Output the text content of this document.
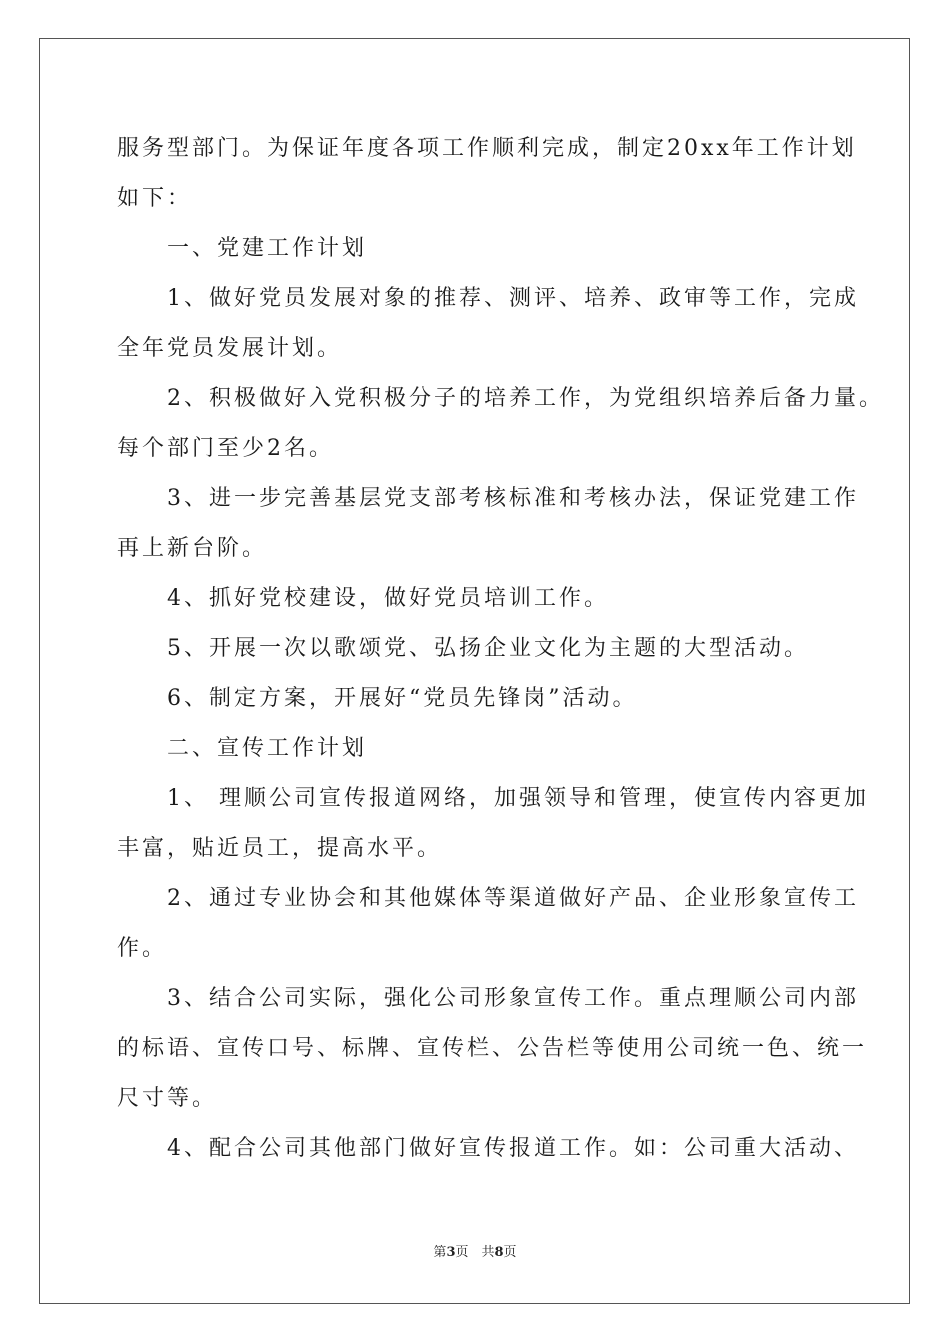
服务型部门。为保证年度各项工作顺利完成，制定20xx年工作计划
如下：
　　一、党建工作计划
　　1、做好党员发展对象的推荐、测评、培养、政审等工作，完成
全年党员发展计划。
　　2、积极做好入党积极分子的培养工作，为党组织培养后备力量。
每个部门至少2名。
　　3、进一步完善基层党支部考核标准和考核办法，保证党建工作
再上新台阶。
　　4、抓好党校建设，做好党员培训工作。
　　5、开展一次以歌颂党、弘扬企业文化为主题的大型活动。
　　6、制定方案，开展好“党员先锋岗”活动。
　　二、宣传工作计划
　　1、 理顺公司宣传报道网络，加强领导和管理，使宣传内容更加
丰富，贴近员工，提高水平。
　　2、通过专业协会和其他媒体等渠道做好产品、企业形象宣传工
作。
　　3、结合公司实际，强化公司形象宣传工作。重点理顺公司内部
的标语、宣传口号、标牌、宣传栏、公告栏等使用公司统一色、统一
尺寸等。
　　4、配合公司其他部门做好宣传报道工作。如：公司重大活动、
第3页　共8页
